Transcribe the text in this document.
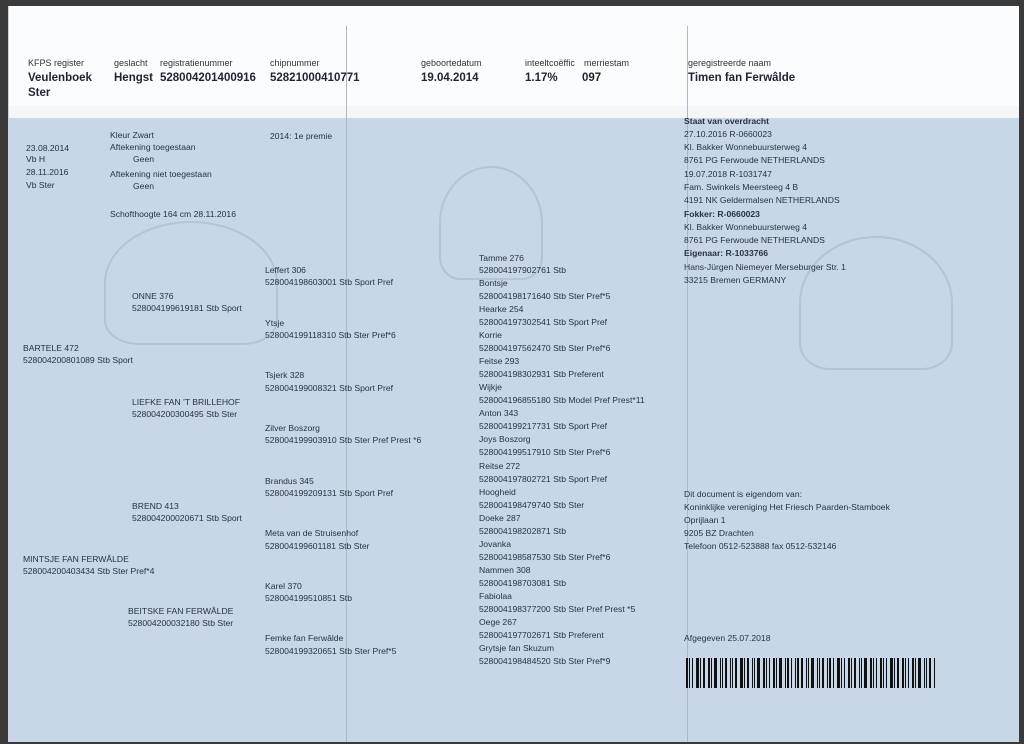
KFPS register
Veulenboek
Ster
geslacht
Hengst
registratienummer
528004201400916
chipnummer
52821000410771
geboortedatum
19.04.2014
inteeltcoëffic merriestam
1.17% 097
geregistreerde naam
Timen fan Ferwâlde
23.08.2014
Vb H
28.11.2016
Vb Ster
Kleur Zwart
Aftekening toegestaan
Geen
Aftekening niet toegestaan
Geen
Schofthoogte 164 cm 28.11.2016
2014: 1e premie
BARTELE 472
528004200801089 Stb Sport
MINTSJE FAN FERWÂLDE
528004200403434 Stb Ster Pref*4
ONNE 376
528004199619181 Stb Sport
LIEFKE FAN 'T BRILLEHOF
528004200300495 Stb Ster
BREND 413
528004200020671 Stb Sport
BEITSKE FAN FERWÂLDE
528004200032180 Stb Ster
Leffert 306
528004198603001 Stb Sport Pref
Ytsje
528004199118310 Stb Ster Pref*6
Tsjerk 328
528004199008321 Stb Sport Pref
Zilver Boszorg
528004199903910 Stb Ster Pref Prest *6
Brandus 345
528004199209131 Stb Sport Pref
Meta van de Struisenhof
528004199601181 Stb Ster
Karel 370
528004199510851 Stb
Femke fan Ferwâlde
528004199320651 Stb Ster Pref*5
Tamme 276
528004197902761 Stb
Bontsje
528004198171640 Stb Ster Pref*5
Hearke 254
528004197302541 Stb Sport Pref
Korrie
528004197562470 Stb Ster Pref*6
Feitse 293
528004198302931 Stb Preferent
Wijkje
528004196855180 Stb Model Pref Prest*11
Anton 343
528004199217731 Stb Sport Pref
Joys Boszorg
528004199517910 Stb Ster Pref*6
Reitse 272
528004197802721 Stb Sport Pref
Hoogheid
528004198479740 Stb Ster
Doeke 287
528004198202871 Stb
Jovanka
528004198587530 Stb Ster Pref*6
Nammen 308
528004198703081 Stb
Fabiolaa
528004198377200 Stb Ster Pref Prest *5
Oege 267
528004197702671 Stb Preferent
Grytsje fan Skuzum
528004198484520 Stb Ster Pref*9
Staat van overdracht
27.10.2016 R-0660023
Kl. Bakker Wonnebuursterweg 4
8761 PG Ferwoude NETHERLANDS
19.07.2018 R-1031747
Fam. Swinkels Meersteeg 4 B
4191 NK Geldermalsen NETHERLANDS
Fokker: R-0660023
Kl. Bakker Wonnebuursterweg 4
8761 PG Ferwoude NETHERLANDS
Eigenaar: R-1033766
Hans-Jürgen Niemeyer Merseburger Str. 1
33215 Bremen GERMANY
Dit document is eigendom van:
Koninklijke vereniging Het Friesch Paarden-Stamboek
Oprijlaan 1
9205 BZ Drachten
Telefoon 0512-523888 fax 0512-532146
Afgegeven 25.07.2018
